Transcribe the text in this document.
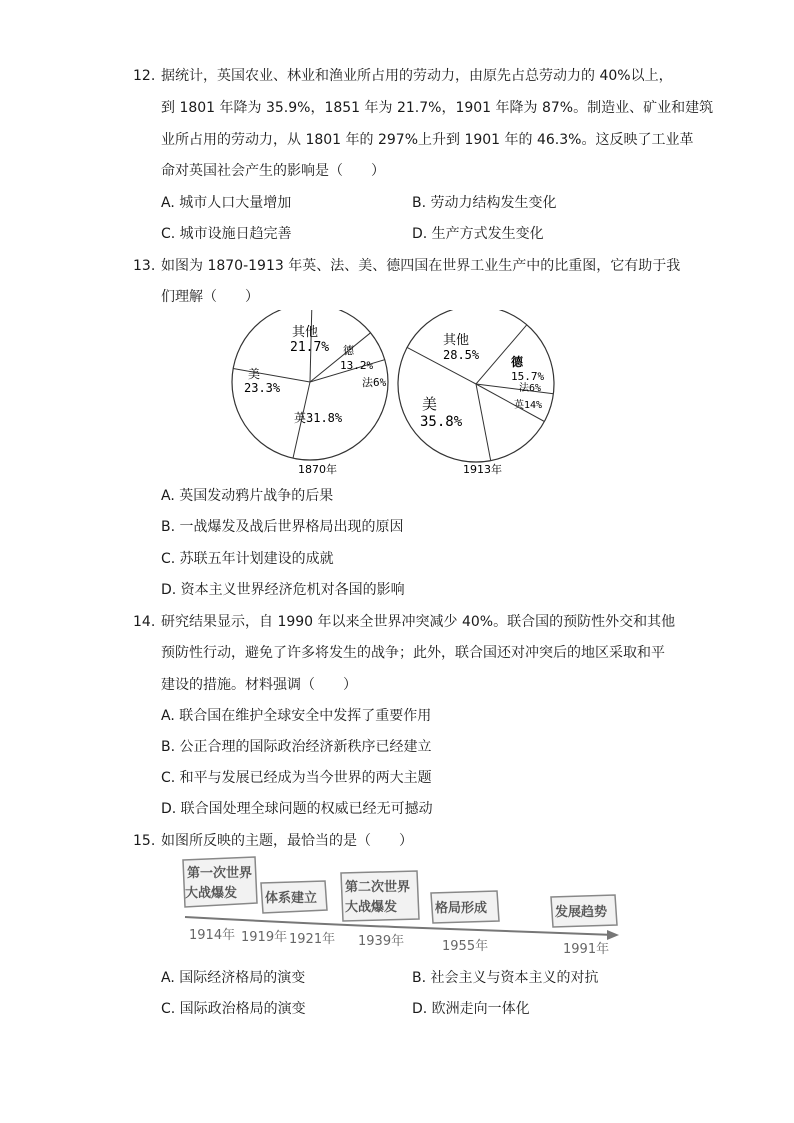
12. 据统计，英国农业、林业和渔业所占用的劳动力，由原先占总劳动力的 40%以上，
到 1801 年降为 35.9%，1851 年为 21.7%，1901 年降为 87%。制造业、矿业和建筑
业所占用的劳动力，从 1801 年的 297%上升到 1901 年的 46.3%。这反映了工业革
命对英国社会产生的影响是（　　）
A. 城市人口大量增加	B. 劳动力结构发生变化
C. 城市设施日趋完善	D. 生产方式发生变化
13. 如图为 1870-1913 年英、法、美、德四国在世界工业生产中的比重图，它有助于我
们理解（　　）
其他
21.7% 德
13.2%
法6%
美
23.3%
英31.8%
1870年
其他
28.5%	德
15.7%
法6%
英14%
美
35.8%
1913年
A. 英国发动鸦片战争的后果
B. 一战爆发及战后世界格局出现的原因
C. 苏联五年计划建设的成就
D. 资本主义世界经济危机对各国的影响
14. 研究结果显示，自 1990 年以来全世界冲突减少 40%。联合国的预防性外交和其他
预防性行动，避免了许多将发生的战争；此外，联合国还对冲突后的地区采取和平
建设的措施。材料强调（　　）
A. 联合国在维护全球安全中发挥了重要作用
B. 公正合理的国际政治经济新秩序已经建立
C. 和平与发展已经成为当今世界的两大主题
D. 联合国处理全球问题的权威已经无可撼动
15. 如图所反映的主题，最恰当的是（　　）
第一次世界
大战爆发 体系建立
第二次世界
大战爆发	格局形成	发展趋势
1914年 1919年 1921年 1939年	1955年	1991年
A. 国际经济格局的演变	B. 社会主义与资本主义的对抗
C. 国际政治格局的演变	D. 欧洲走向一体化
